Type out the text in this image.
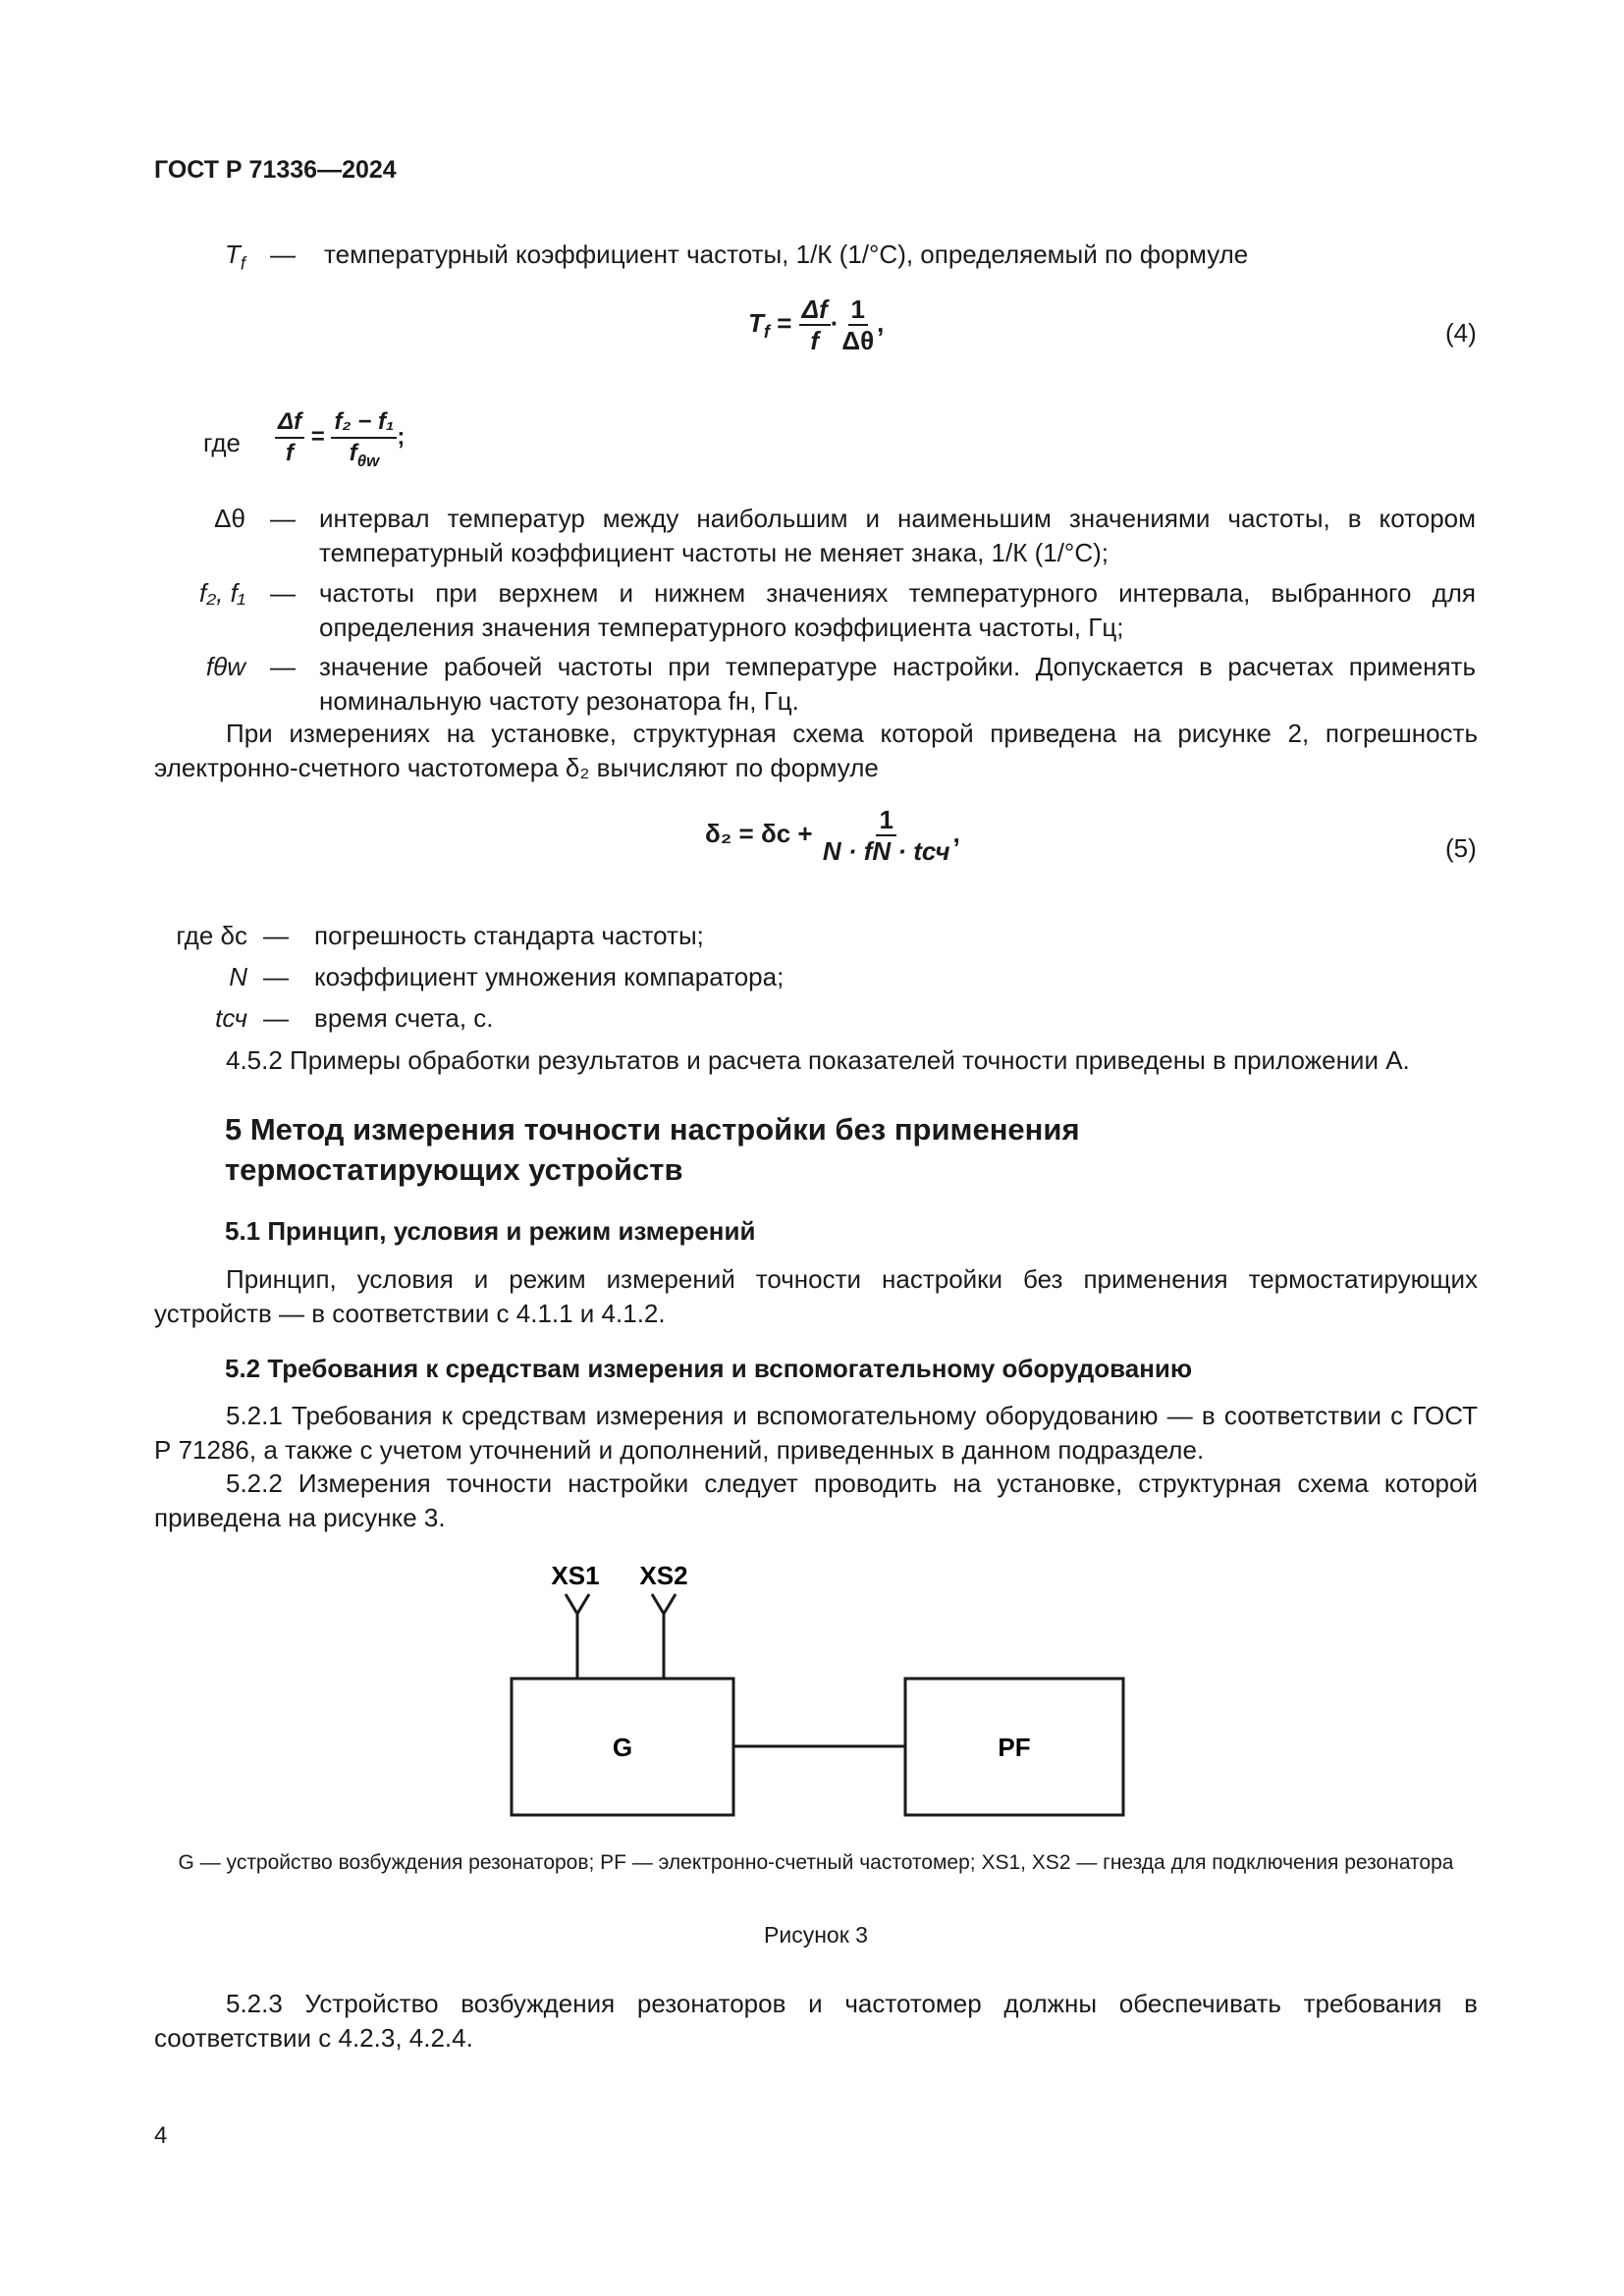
ГОСТ Р 71336—2024
$T_f$ — температурный коэффициент частоты, 1/К (1/°С), определяемый по формуле
$T_f = \frac{\Delta f}{f} \cdot \frac{1}{\Delta\theta}$ ,	(4)
где $\frac{\Delta f}{f} = \frac{\text{f₂ − f₁}}{f_{\theta w}}$ ;
Δθ — интервал температур между наибольшим и наименьшим значениями частоты, в котором температурный коэффициент частоты не меняет знака, 1/К (1/°С);
f₂, f₁ — частоты при верхнем и нижнем значениях температурного интервала, выбранного для определения значения температурного коэффициента частоты, Гц;
fθw — значение рабочей частоты при температуре настройки. Допускается в расчетах применять номинальную частоту резонатора fн, Гц.
При измерениях на установке, структурная схема которой приведена на рисунке 2, погрешность электронно-счетного частотомера δ₂ вычисляют по формуле
$\delta_2 = \delta с + \frac{1}{\text{N · fN · tсч}}$ ,
(5)
где δс — погрешность стандарта частоты;
N — коэффициент умножения компаратора;
tсч — время счета, с.
4.5.2 Примеры обработки результатов и расчета показателей точности приведены в приложении А.
5 Метод измерения точности настройки без применения термостатирующих устройств
5.1 Принцип, условия и режим измерений
Принцип, условия и режим измерений точности настройки без применения термостатирующих устройств — в соответствии с 4.1.1 и 4.1.2.
5.2 Требования к средствам измерения и вспомогательному оборудованию
5.2.1 Требования к средствам измерения и вспомогательному оборудованию — в соответствии с ГОСТ Р 71286, а также с учетом уточнений и дополнений, приведенных в данном подразделе.
5.2.2 Измерения точности настройки следует проводить на установке, структурная схема которой приведена на рисунке 3.
XS1 XS2
G	PF
G — устройство возбуждения резонаторов; PF — электронно-счетный частотомер; XS1, XS2 — гнезда для подключения резонатора
Рисунок 3
5.2.3 Устройство возбуждения резонаторов и частотомер должны обеспечивать требования в соответствии с 4.2.3, 4.2.4.
4
